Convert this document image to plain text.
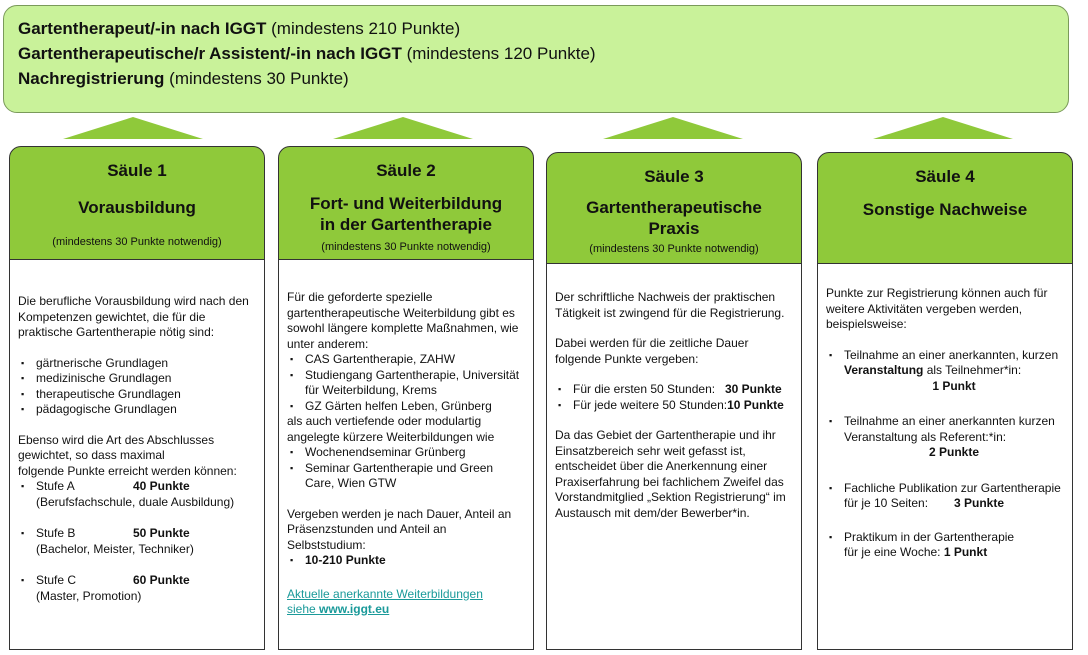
Gartentherapeut/-in nach IGGT (mindestens 210 Punkte)
Gartentherapeutische/r Assistent/-in nach IGGT (mindestens 120 Punkte)
Nachregistrierung (mindestens 30 Punkte)
Säule 1
Vorausbildung
(mindestens 30 Punkte notwendig)
Die berufliche Vorausbildung wird nach den Kompetenzen gewichtet, die für die praktische Gartentherapie nötig sind:
▪ gärtnerische Grundlagen
▪ medizinische Grundlagen
▪ therapeutische Grundlagen
▪ pädagogische Grundlagen
Ebenso wird die Art des Abschlusses gewichtet, so dass maximal
folgende Punkte erreicht werden können:
▪ Stufe A	40 Punkte
(Berufsfachschule, duale Ausbildung)
▪ Stufe B	50 Punkte
(Bachelor, Meister, Techniker)
▪ Stufe C	60 Punkte
(Master, Promotion)
Säule 2
Fort- und Weiterbildung
in der Gartentherapie
(mindestens 30 Punkte notwendig)
Für die geforderte spezielle gartentherapeutische Weiterbildung gibt es sowohl längere komplette Maßnahmen, wie unter anderem:
▪ CAS Gartentherapie, ZAHW
▪ Studiengang Gartentherapie, Universität für Weiterbildung, Krems
▪ GZ Gärten helfen Leben, Grünberg
als auch vertiefende oder modulartig angelegte kürzere Weiterbildungen wie
▪ Wochenendseminar Grünberg
▪ Seminar Gartentherapie und Green Care, Wien GTW
Vergeben werden je nach Dauer, Anteil an Präsenzstunden und Anteil an Selbststudium:
▪ 10-210 Punkte
Aktuelle anerkannte Weiterbildungen
siehe www.iggt.eu
Säule 3
Gartentherapeutische
Praxis
(mindestens 30 Punkte notwendig)
Der schriftliche Nachweis der praktischen Tätigkeit ist zwingend für die Registrierung.
Dabei werden für die zeitliche Dauer folgende Punkte vergeben:
▪ Für die ersten 50 Stunden: 30 Punkte
▪ Für jede weitere 50 Stunden:10 Punkte
Da das Gebiet der Gartentherapie und ihr Einsatzbereich sehr weit gefasst ist, entscheidet über die Anerkennung einer Praxiserfahrung bei fachlichem Zweifel das Vorstandmitglied „Sektion Registrierung“ im Austausch mit dem/der Bewerber*in.
Säule 4
Sonstige Nachweise
Punkte zur Registrierung können auch für weitere Aktivitäten vergeben werden, beispielsweise:
▪ Teilnahme an einer anerkannten, kurzen Veranstaltung als Teilnehmer*in:
1 Punkt
▪ Teilnahme an einer anerkannten kurzen Veranstaltung als Referent:*in:
2 Punkte
▪ Fachliche Publikation zur Gartentherapie
für je 10 Seiten: 3 Punkte
▪ Praktikum in der Gartentherapie
für je eine Woche: 1 Punkt
